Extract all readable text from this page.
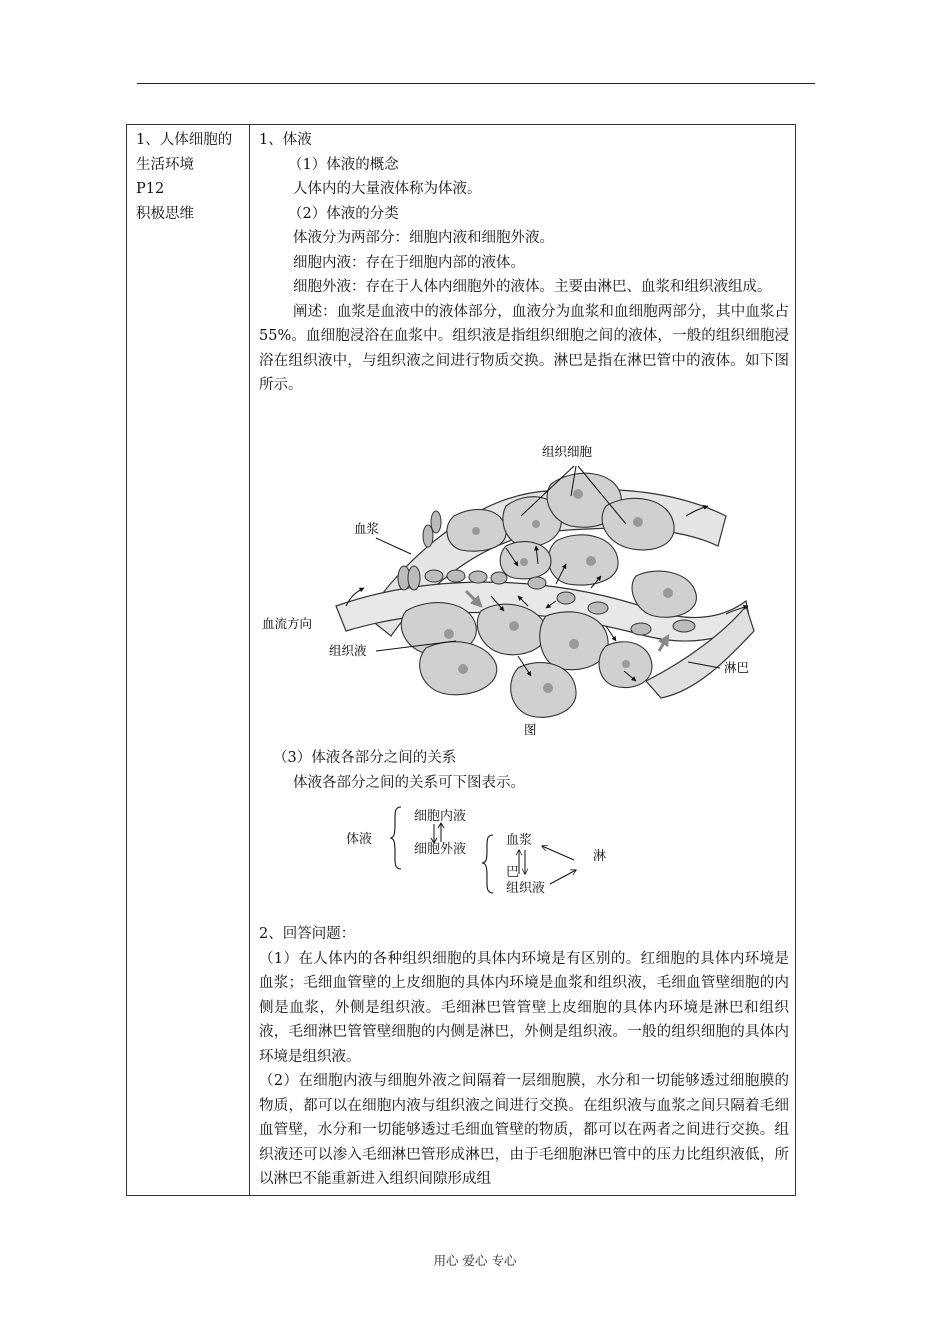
1、人体细胞的
生活环境
P12
积极思维
1、体液
（1）体液的概念
人体内的大量液体称为体液。
（2）体液的分类
体液分为两部分：细胞内液和细胞外液。
细胞内液：存在于细胞内部的液体。
细胞外液：存在于人体内细胞外的液体。主要由淋巴、血浆和组织液组成。
阐述：血浆是血液中的液体部分，血液分为血浆和血细胞两部分，其中血浆占55%。血细胞浸浴在血浆中。组织液是指组织细胞之间的液体，一般的组织细胞浸浴在组织液中，与组织液之间进行物质交换。淋巴是指在淋巴管中的液体。如下图所示。
组织细胞
血浆
血流方向
组织液
淋巴
图
（3）体液各部分之间的关系
体液各部分之间的关系可下图表示。
体液
细胞内液
细胞外液
血浆
巴
组织液
淋
2、回答问题：
（1）在人体内的各种组织细胞的具体内环境是有区别的。红细胞的具体内环境是血浆；毛细血管壁的上皮细胞的具体内环境是血浆和组织液，毛细血管壁细胞的内侧是血浆，外侧是组织液。毛细淋巴管管壁上皮细胞的具体内环境是淋巴和组织液，毛细淋巴管管壁细胞的内侧是淋巴，外侧是组织液。一般的组织细胞的具体内环境是组织液。
（2）在细胞内液与细胞外液之间隔着一层细胞膜，水分和一切能够透过细胞膜的物质，都可以在细胞内液与组织液之间进行交换。在组织液与血浆之间只隔着毛细血管壁，水分和一切能够透过毛细血管壁的物质，都可以在两者之间进行交换。组织液还可以渗入毛细淋巴管形成淋巴，由于毛细胞淋巴管中的压力比组织液低，所以淋巴不能重新进入组织间隙形成组
用心 爱心 专心
